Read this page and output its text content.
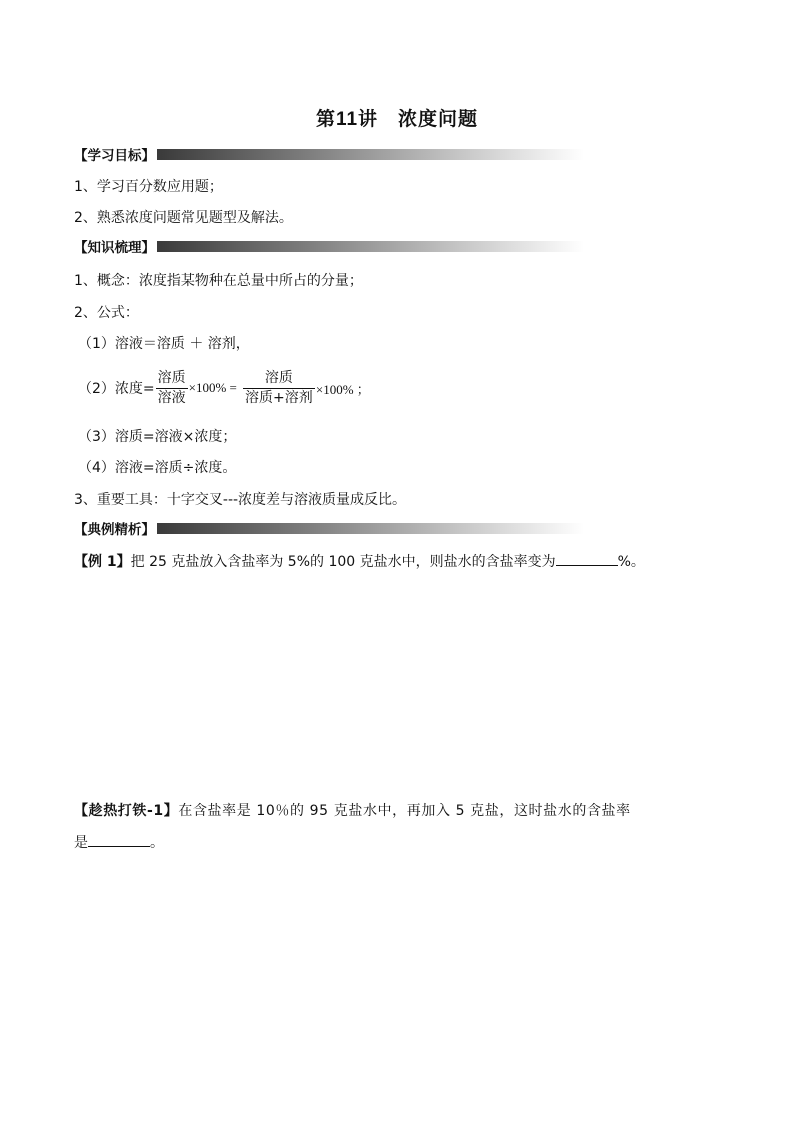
第11讲　浓度问题
【学习目标】
1、学习百分数应用题；
2、熟悉浓度问题常见题型及解法。
【知识梳理】
1、概念：浓度指某物种在总量中所占的分量；
2、公式：
（1）溶液＝溶质 ＋ 溶剂，
（2）浓度= $\frac{\text{溶质}}{\text{溶液}} \times 100\% = \frac{\text{溶质}}{\text{溶质+溶剂}} \times 100\%$ ；
（3）溶质=溶液×浓度；
（4）溶液=溶质÷浓度。
3、重要工具：十字交叉---浓度差与溶液质量成反比。
【典例精析】
【例 1】把 25 克盐放入含盐率为 5%的 100 克盐水中，则盐水的含盐率变为	%。
【趁热打铁-1】在含盐率是 10％的 95 克盐水中，再加入 5 克盐，这时盐水的含盐率
是	。
